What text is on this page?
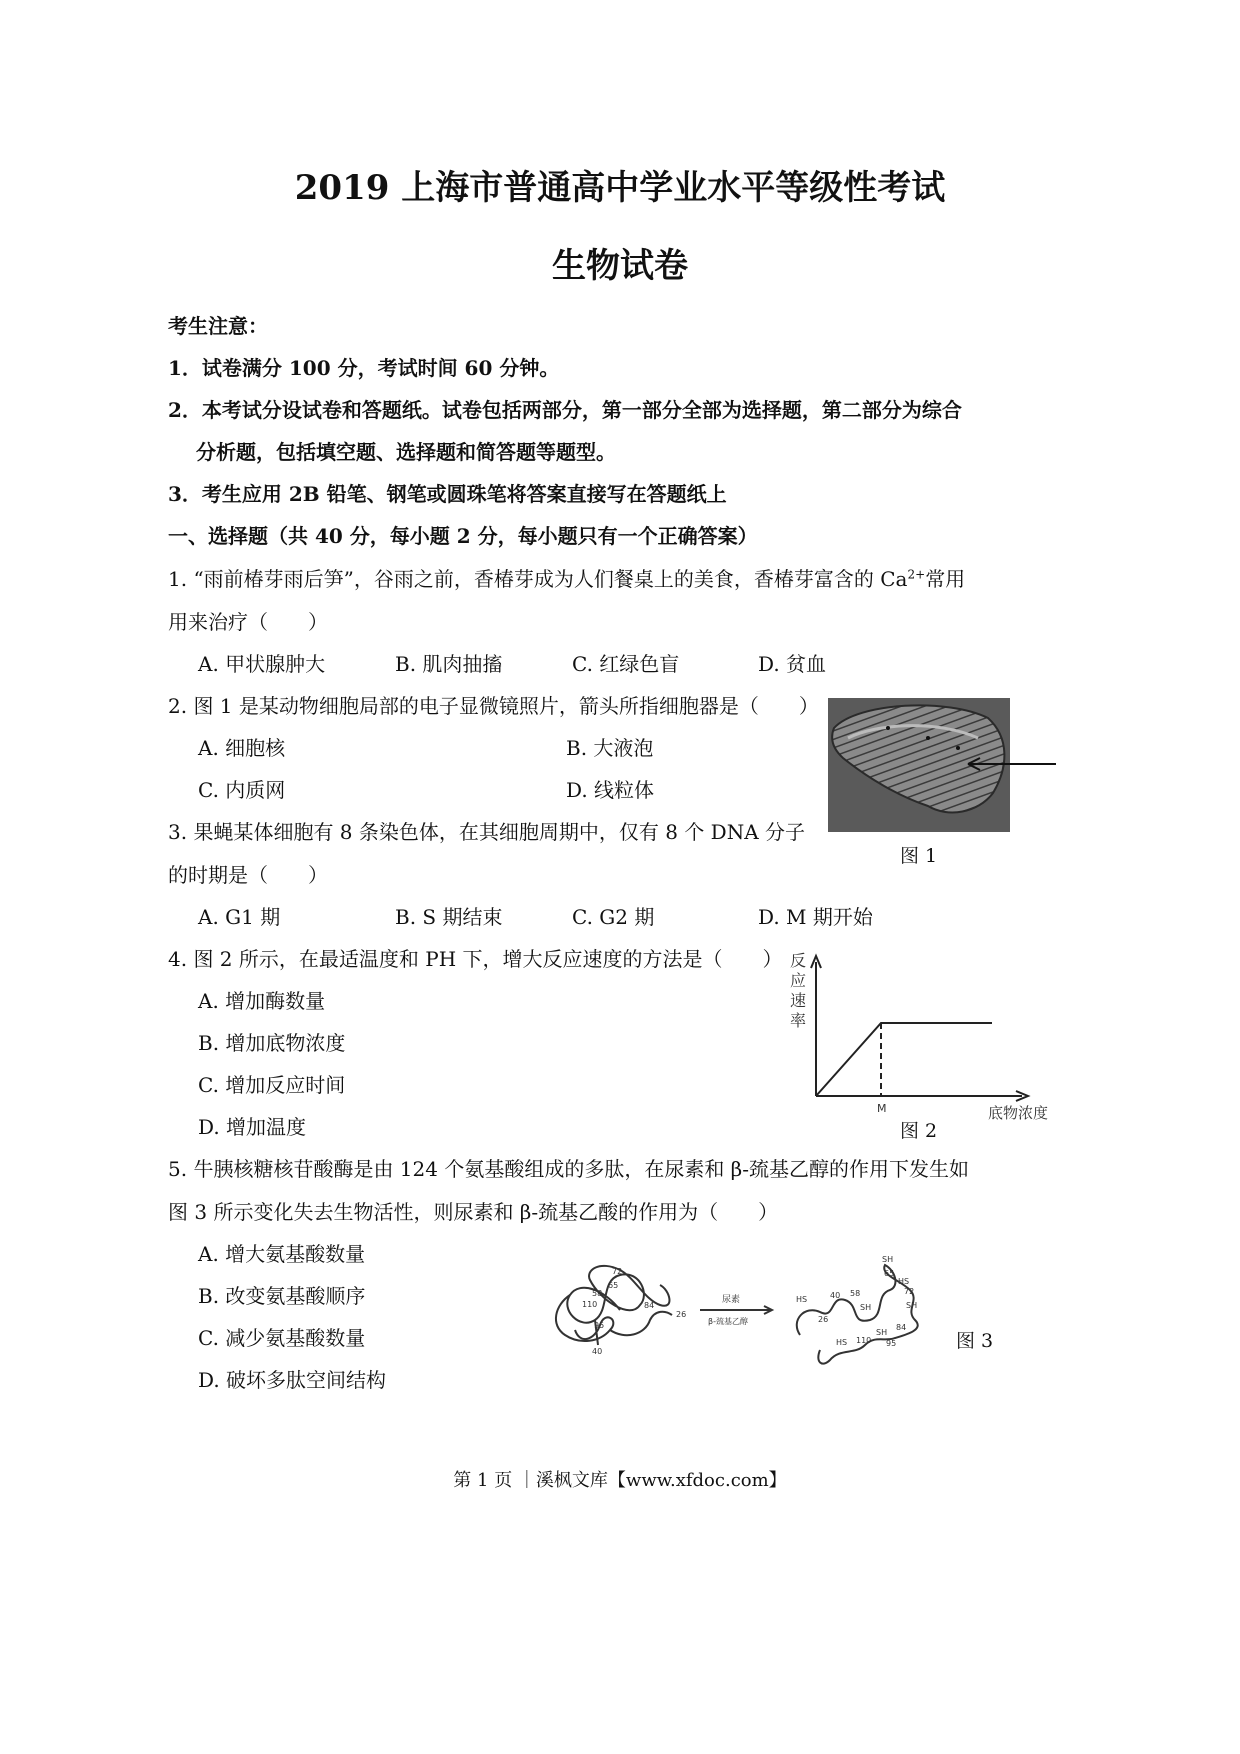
2019 上海市普通高中学业水平等级性考试
生物试卷
考生注意：
1．试卷满分 100 分，考试时间 60 分钟。
2．本考试分设试卷和答题纸。试卷包括两部分，第一部分全部为选择题，第二部分为综合
分析题，包括填空题、选择题和简答题等题型。
3．考生应用 2B 铅笔、钢笔或圆珠笔将答案直接写在答题纸上
一、选择题（共 40 分，每小题 2 分，每小题只有一个正确答案）
1. “雨前椿芽雨后笋”，谷雨之前，香椿芽成为人们餐桌上的美食，香椿芽富含的 $Ca^{2+}$常用
用来治疗（　　）
A. 甲状腺肿大	B. 肌肉抽搐	C. 红绿色盲	D. 贫血
2. 图 1 是某动物细胞局部的电子显微镜照片，箭头所指细胞器是（　　）
A. 细胞核	B. 大液泡
C. 内质网	D. 线粒体
图 1
3. 果蝇某体细胞有 8 条染色体，在其细胞周期中，仅有 8 个 DNA 分子
的时期是（　　）
A. G1 期	B. S 期结束	C. G2 期	D. M 期开始
4. 图 2 所示，在最适温度和 PH 下，增大反应速度的方法是（　　）
A. 增加酶数量
B. 增加底物浓度
C. 增加反应时间
D. 增加温度
反
应
速
率
M	底物浓度
图 2
5. 牛胰核糖核苷酸酶是由 124 个氨基酸组成的多肽，在尿素和 β-巯基乙醇的作用下发生如
图 3 所示变化失去生物活性，则尿素和 β-巯基乙酸的作用为（　　）
A. 增大氨基酸数量
B. 改变氨基酸顺序
C. 减少氨基酸数量
D. 破坏多肽空间结构
72
65
58
110	84
26
95
40
尿素
β-巯基乙醇
SH
65
HS
72
HS	40 58
SH
26
SH
84
HS 110 95
SH	图 3
第 1 页 ｜溪枫文库【www.xfdoc.com】
